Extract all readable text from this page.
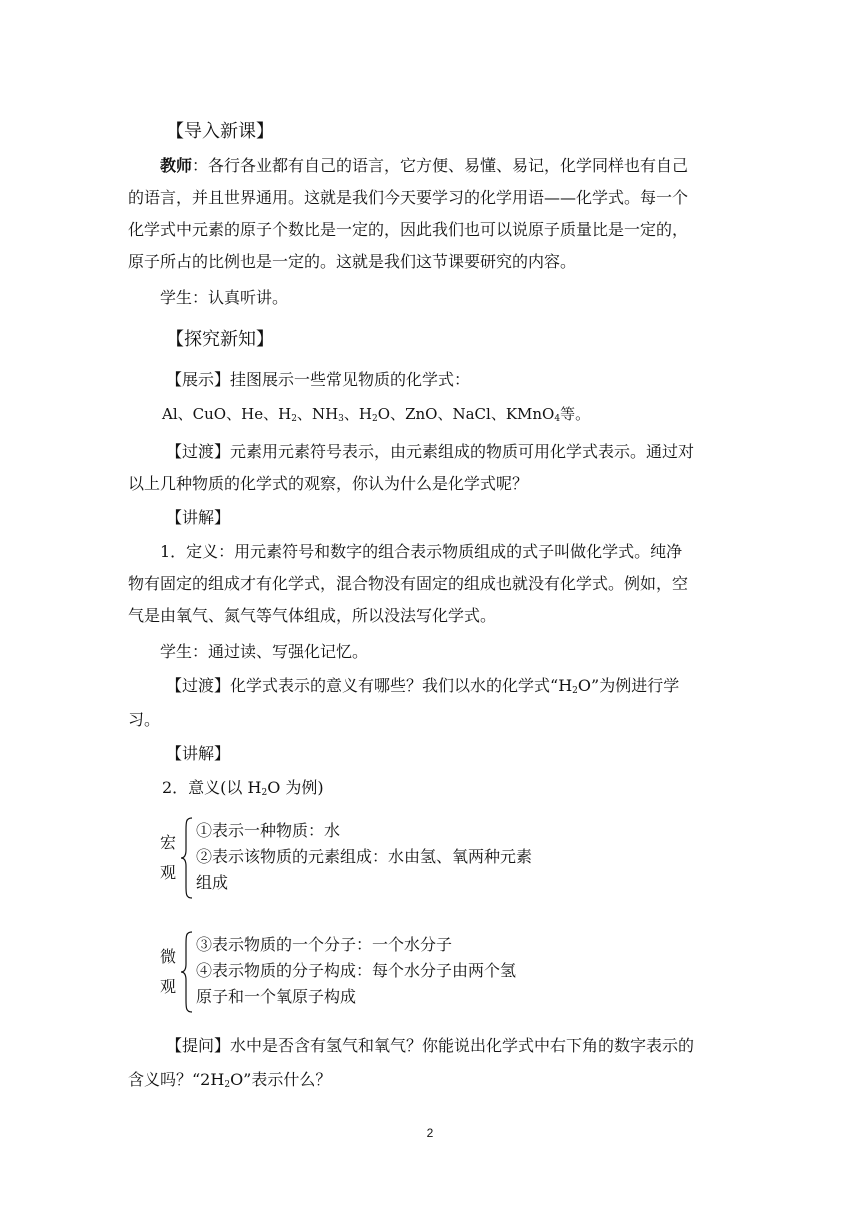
【导入新课】

教师：各行各业都有自己的语言，它方便、易懂、易记，化学同样也有自己

的语言，并且世界通用。这就是我们今天要学习的化学用语——化学式。每一个

化学式中元素的原子个数比是一定的，因此我们也可以说原子质量比是一定的，

原子所占的比例也是一定的。这就是我们这节课要研究的内容。

学生：认真听讲。

【探究新知】

【展示】挂图展示一些常见物质的化学式：

Al、CuO、He、$H_2$、$NH_3$、$H_2O$、ZnO、NaCl、KMnO$_4$等。

【过渡】元素用元素符号表示，由元素组成的物质可用化学式表示。通过对

以上几种物质的化学式的观察，你认为什么是化学式呢？

【讲解】

1．定义：用元素符号和数字的组合表示物质组成的式子叫做化学式。纯净

物有固定的组成才有化学式，混合物没有固定的组成也就没有化学式。例如，空

气是由氧气、氮气等气体组成，所以没法写化学式。

学生：通过读、写强化记忆。

【过渡】化学式表示的意义有哪些？我们以水的化学式“$H_2O$”为例进行学

习。

【讲解】

2．意义(以 $H_2O$ 为例)

宏
观
①表示一种物质：水
②表示该物质的元素组成：水由氢、氧两种元素
组成
微
观
③表示物质的一个分子：一个水分子
④表示物质的分子构成：每个水分子由两个氢
原子和一个氧原子构成

【提问】水中是否含有氢气和氧气？你能说出化学式中右下角的数字表示的

含义吗？“$2H_2O$”表示什么？

2
